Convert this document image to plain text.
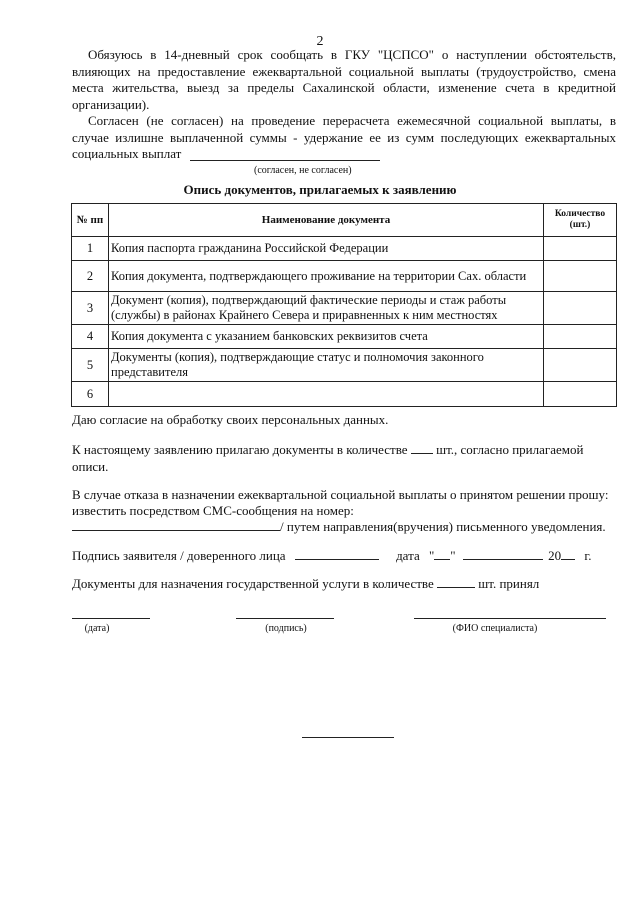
2
Обязуюсь в 14-дневный срок сообщать в ГКУ "ЦСПСО" о наступлении обстоятельств, влияющих на предоставление ежеквартальной социальной выплаты (трудоустройство, смена места жительства, выезд за пределы Сахалинской области, изменение счета в кредитной организации).
Согласен (не согласен) на проведение перерасчета ежемесячной социальной выплаты, в случае излишне выплаченной суммы - удержание ее из сумм последующих ежеквартальных социальных выплат
(согласен, не согласен)
Опись документов, прилагаемых к заявлению
№ пп	Наименование документа	Количество (шт.)
1	Копия паспорта гражданина Российской Федерации	
2	Копия документа, подтверждающего проживание на территории Сах. области	
3	Документ (копия), подтверждающий фактические периоды и стаж работы (службы) в районах Крайнего Севера и приравненных к ним местностях	
4	Копия документа с указанием банковских реквизитов счета	
5	Документы (копия), подтверждающие статус и полномочия законного представителя	
6		
Даю согласие на обработку своих персональных данных.
К настоящему заявлению прилагаю документы в количестве шт., согласно прилагаемой описи.
В случае отказа в назначении ежеквартальной социальной выплаты о принятом решении прошу: известить посредством СМС-сообщения на номер:
/ путем направления(вручения) письменного уведомления.
Подпись заявителя / доверенного лица	дата " "	20 г.
Документы для назначения государственной услуги в количестве	шт. принял
(дата)	(подпись)	(ФИО специалиста)
